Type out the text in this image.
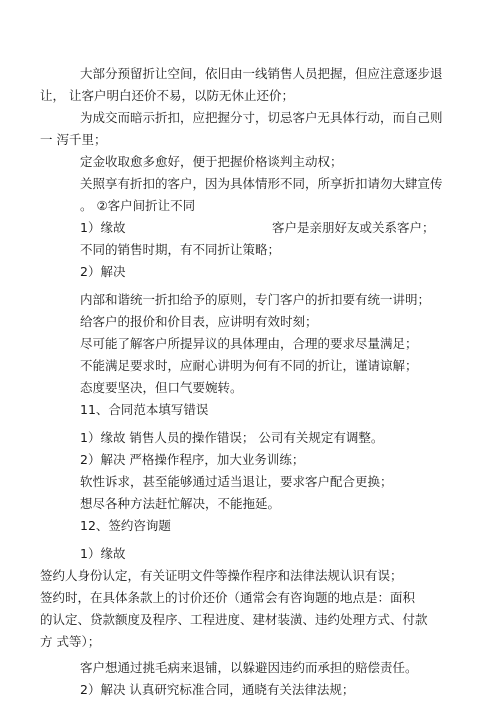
大部分预留折让空间，依旧由一线销售人员把握，但应注意逐步退
让， 让客户明白还价不易，以防无休止还价；
为成交而暗示折扣，应把握分寸，切忌客户无具体行动，而自己则
一 泻千里；
定金收取愈多愈好，便于把握价格谈判主动权；
关照享有折扣的客户，因为具体情形不同，所享折扣请勿大肆宣传
。 ②客户间折让不同
1）缘故	客户是亲朋好友或关系客户；
不同的销售时期，有不同折让策略；
2）解决
内部和谐统一折扣给予的原则，专门客户的折扣要有统一讲明；
给客户的报价和价目表，应讲明有效时刻；
尽可能了解客户所提异议的具体理由，合理的要求尽量满足；
不能满足要求时，应耐心讲明为何有不同的折让，谨请谅解；
态度要坚决，但口气要婉转。
11、合同范本填写错误
1）缘故 销售人员的操作错误； 公司有关规定有调整。
2）解决 严格操作程序，加大业务训练；
软性诉求，甚至能够通过适当退让，要求客户配合更换；
想尽各种方法赶忙解决，不能拖延。
12、签约咨询题
1）缘故
签约人身份认定，有关证明文件等操作程序和法律法规认识有误；
签约时，在具体条款上的讨价还价（通常会有咨询题的地点是：面积
的认定、贷款额度及程序、工程进度、建材装潢、违约处理方式、付款
方 式等）；
客户想通过挑毛病来退铺，以躲避因违约而承担的赔偿责任。
2）解决 认真研究标准合同，通晓有关法律法规；
